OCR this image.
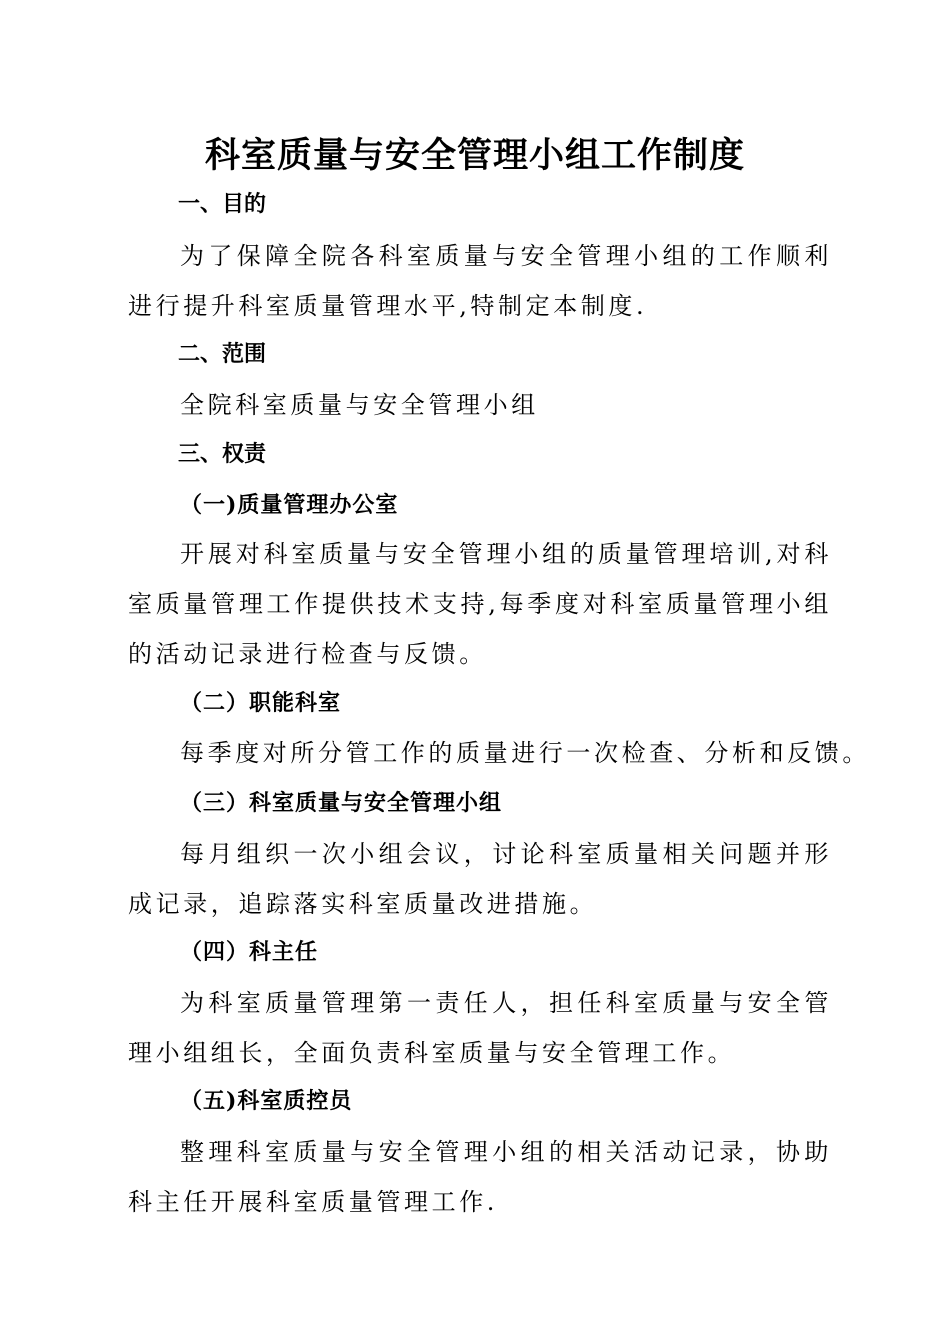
科室质量与安全管理小组工作制度
一、目的

为了保障全院各科室质量与安全管理小组的工作顺利进行提升科室质量管理水平,特制定本制度.

二、范围

全院科室质量与安全管理小组

三、权责
（一)质量管理办公室

开展对科室质量与安全管理小组的质量管理培训,对科室质量管理工作提供技术支持,每季度对科室质量管理小组的活动记录进行检查与反馈。

（二）职能科室

每季度对所分管工作的质量进行一次检查、分析和反馈。

（三）科室质量与安全管理小组

每月组织一次小组会议，讨论科室质量相关问题并形成记录，追踪落实科室质量改进措施。

（四）科主任

为科室质量管理第一责任人，担任科室质量与安全管理小组组长，全面负责科室质量与安全管理工作。

（五)科室质控员

整理科室质量与安全管理小组的相关活动记录，协助科主任开展科室质量管理工作.
